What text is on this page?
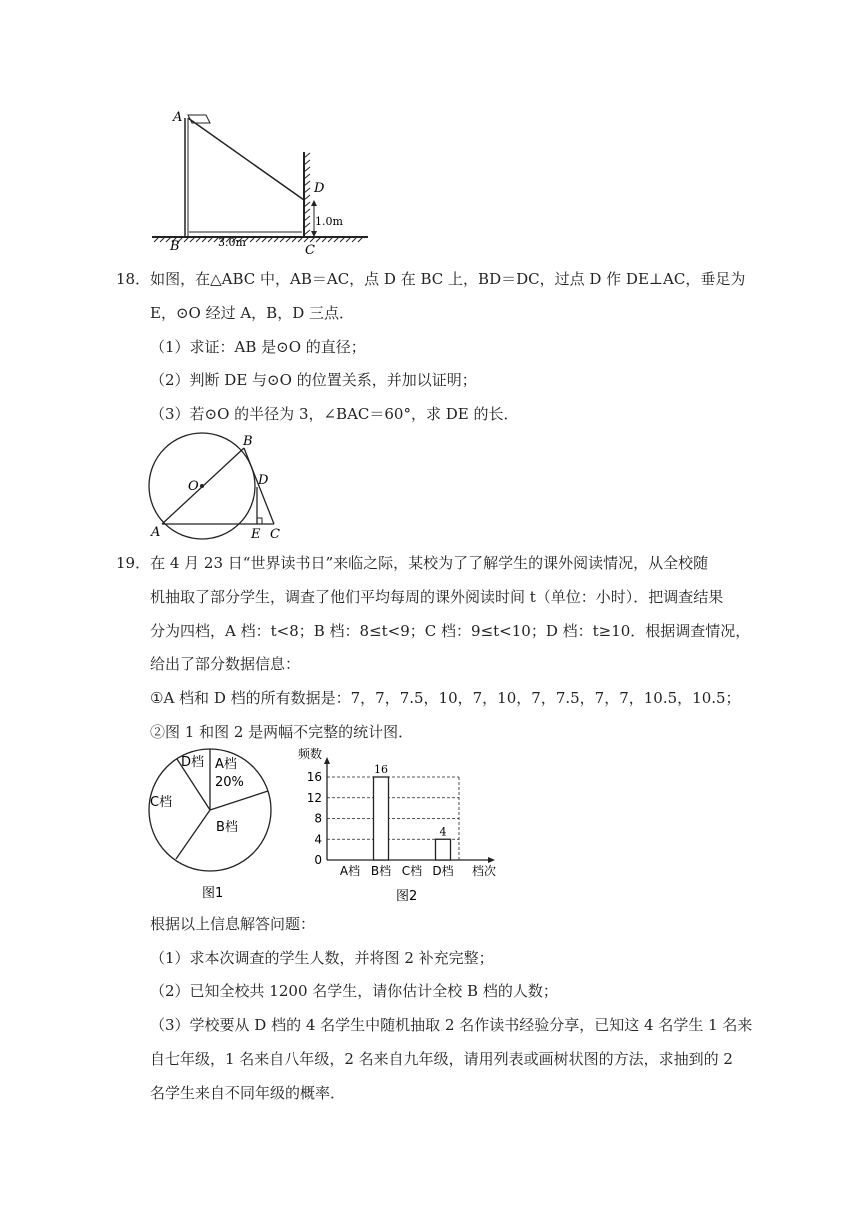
A
B	C
D
1.0m
3.0m
18．如图，在△ABC 中，AB＝AC，点 D 在 BC 上，BD＝DC，过点 D 作 DE⊥AC，垂足为
E，⊙O 经过 A，B，D 三点．
（1）求证：AB 是⊙O 的直径；
（2）判断 DE 与⊙O 的位置关系，并加以证明；
（3）若⊙O 的半径为 3，∠BAC＝60°，求 DE 的长．
O
A
B
D
E C
19．在 4 月 23 日“世界读书日”来临之际，某校为了了解学生的课外阅读情况，从全校随
机抽取了部分学生，调查了他们平均每周的课外阅读时间 t（单位：小时）．把调查结果
分为四档，A 档：t<8；B 档：8≤t<9；C 档：9≤t<10；D 档：t≥10．根据调查情况，
给出了部分数据信息：
①A 档和 D 档的所有数据是：7，7，7.5，10，7，10，7，7.5，7，7，10.5，10.5；
②图 1 和图 2 是两幅不完整的统计图．
D档 A档
20%
C档
B档
图1
频数
档次
图2
0
4
8
12
16
A档
16
B档 C档
4
D档
根据以上信息解答问题：
（1）求本次调查的学生人数，并将图 2 补充完整；
（2）已知全校共 1200 名学生，请你估计全校 B 档的人数；
（3）学校要从 D 档的 4 名学生中随机抽取 2 名作读书经验分享，已知这 4 名学生 1 名来
自七年级，1 名来自八年级，2 名来自九年级，请用列表或画树状图的方法，求抽到的 2
名学生来自不同年级的概率．
